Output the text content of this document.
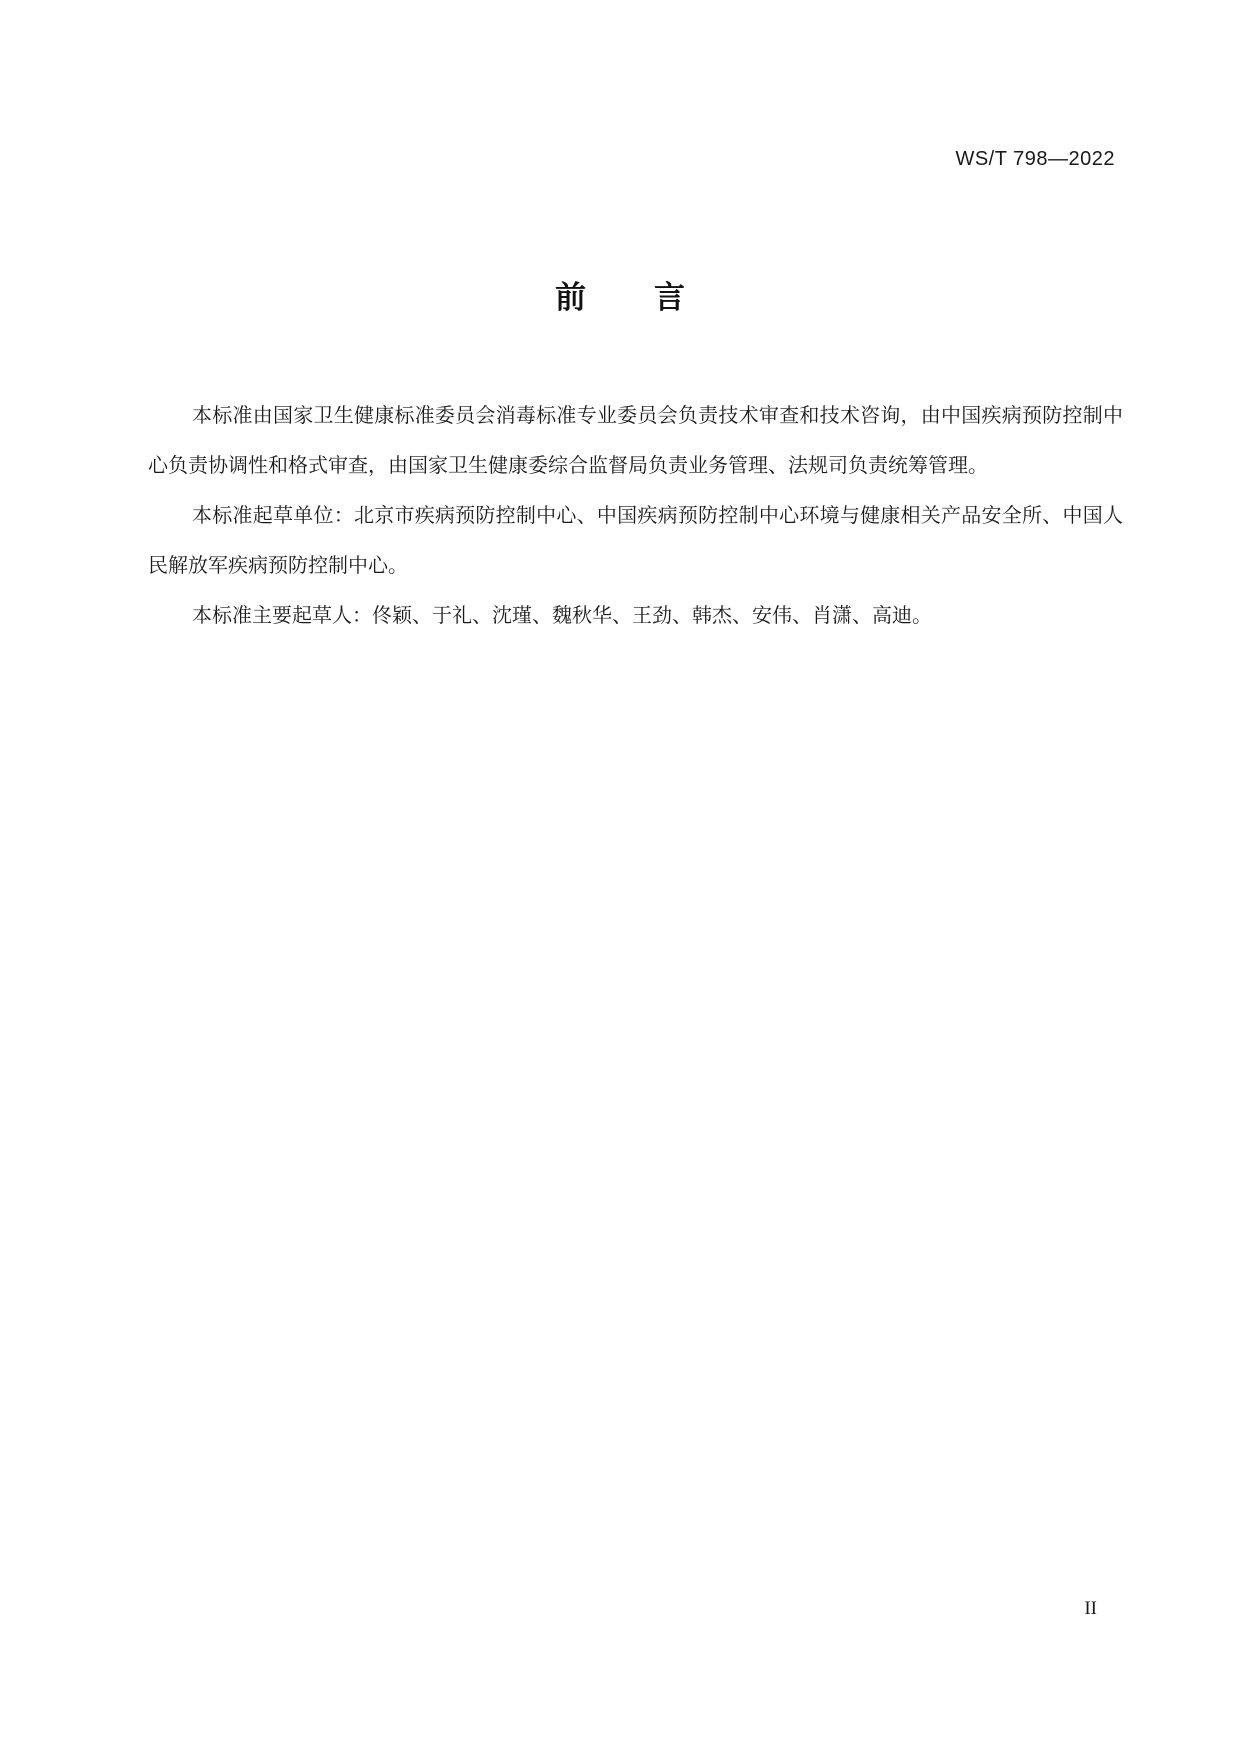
WS/T 798—2022
前言

本标准由国家卫生健康标准委员会消毒标准专业委员会负责技术审查和技术咨询，由中国疾病预防控制中心负责协调性和格式审查，由国家卫生健康委综合监督局负责业务管理、法规司负责统筹管理。

本标准起草单位：北京市疾病预防控制中心、中国疾病预防控制中心环境与健康相关产品安全所、中国人民解放军疾病预防控制中心。

本标准主要起草人：佟颖、于礼、沈瑾、魏秋华、王劲、韩杰、安伟、肖潇、高迪。

II
